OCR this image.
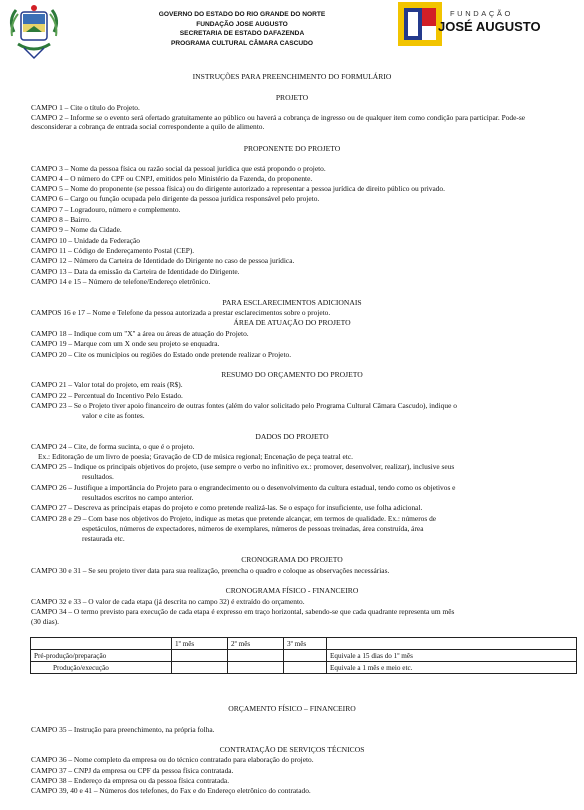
GOVERNO DO ESTADO DO RIO GRANDE DO NORTE
FUNDAÇÃO JOSE AUGUSTO
SECRETARIA DE ESTADO DAFAZENDA
PROGRAMA CULTURAL CÂMARA CASCUDO
FUNDAÇÃO
JOSÉ AUGUSTO
INSTRUÇÕES PARA PREENCHIMENTO DO FORMULÁRIO
PROJETO
CAMPO 1 – Cite o título do Projeto.
CAMPO 2 – Informe se o evento será ofertado gratuitamente ao público ou haverá a cobrança de ingresso ou de qualquer item como condição para participar. Pode-se desconsiderar a cobrança de entrada social correspondente a quilo de alimento.
PROPONENTE DO PROJETO
CAMPO 3 – Nome da pessoa física ou razão social da pessoal jurídica que está propondo o projeto.
CAMPO 4 – O número do CPF ou CNPJ, emitidos pelo Ministério da Fazenda, do proponente.
CAMPO 5 – Nome do proponente (se pessoa física) ou do dirigente autorizado a representar a pessoa jurídica de direito público ou privado.
CAMPO 6 – Cargo ou função ocupada pelo dirigente da pessoa jurídica responsável pelo projeto.
CAMPO 7 – Logradouro, número e complemento.
CAMPO 8 – Bairro.
CAMPO 9 – Nome da Cidade.
CAMPO 10 – Unidade da Federação
CAMPO 11 – Código de Endereçamento Postal (CEP).
CAMPO 12 – Número da Carteira de Identidade do Dirigente no caso de pessoa jurídica.
CAMPO 13 – Data da emissão da Carteira de Identidade do Dirigente.
CAMPO 14 e 15 – Número de telefone/Endereço eletrônico.
PARA ESCLARECIMENTOS ADICIONAIS
CAMPOS 16 e 17 – Nome e Telefone da pessoa autorizada a prestar esclarecimentos sobre o projeto.
ÁREA DE ATUAÇÃO DO PROJETO
CAMPO 18 – Indique com um "X" a área ou áreas de atuação do Projeto.
CAMPO 19 – Marque com um X onde seu projeto se enquadra.
CAMPO 20 – Cite os municípios ou regiões do Estado onde pretende realizar o Projeto.
RESUMO DO ORÇAMENTO DO PROJETO
CAMPO 21 – Valor total do projeto, em reais (R$).
CAMPO 22 – Percentual do Incentivo Pelo Estado.
CAMPO 23 – Se o Projeto tiver apoio financeiro de outras fontes (além do valor solicitado pelo Programa Cultural Câmara Cascudo), indique o
valor e cite as fontes.
DADOS DO PROJETO
CAMPO 24 – Cite, de forma sucinta, o que é o projeto.
Ex.: Editoração de um livro de poesia; Gravação de CD de música regional; Encenação de peça teatral etc.
CAMPO 25 – Indique os principais objetivos do projeto, (use sempre o verbo no infinitivo ex.: promover, desenvolver, realizar), inclusive seus
resultados.
CAMPO 26 – Justifique a importância do Projeto para o engrandecimento ou o desenvolvimento da cultura estadual, tendo como os objetivos e
resultados escritos no campo anterior.
CAMPO 27 – Descreva as principais etapas do projeto e como pretende realizá-las. Se o espaço for insuficiente, use folha adicional.
CAMPO 28 e 29 – Com base nos objetivos do Projeto, indique as metas que pretende alcançar, em termos de qualidade. Ex.: números de
espetáculos, números de expectadores, números de exemplares, números de pessoas treinadas, área construída, área
restaurada etc.
CRONOGRAMA DO PROJETO
CAMPO 30 e 31 – Se seu projeto tiver data para sua realização, preencha o quadro e coloque as observações necessárias.
CRONOGRAMA FÍSICO - FINANCEIRO
CAMPO 32 e 33 – O valor de cada etapa (já descrita no campo 32) é extraído do orçamento.
CAMPO 34 – O termo previsto para execução de cada etapa é expresso em traço horizontal, sabendo-se que cada quadrante representa um mês
(30 dias).
	1º mês	2º mês	3º mês	
Pré-produção/preparação				Equivale a 15 dias do 1º mês
Produção/execução				Equivale a 1 mês e meio etc.
ORÇAMENTO FÍSICO – FINANCEIRO
CAMPO 35 – Instrução para preenchimento, na própria folha.
CONTRATAÇÃO DE SERVIÇOS TÉCNICOS
CAMPO 36 – Nome completo da empresa ou do técnico contratado para elaboração do projeto.
CAMPO 37 – CNPJ da empresa ou CPF da pessoa física contratada.
CAMPO 38 – Endereço da empresa ou da pessoa física contratada.
CAMPO 39, 40 e 41 – Números dos telefones, do Fax e do Endereço eletrônico do contratado.
